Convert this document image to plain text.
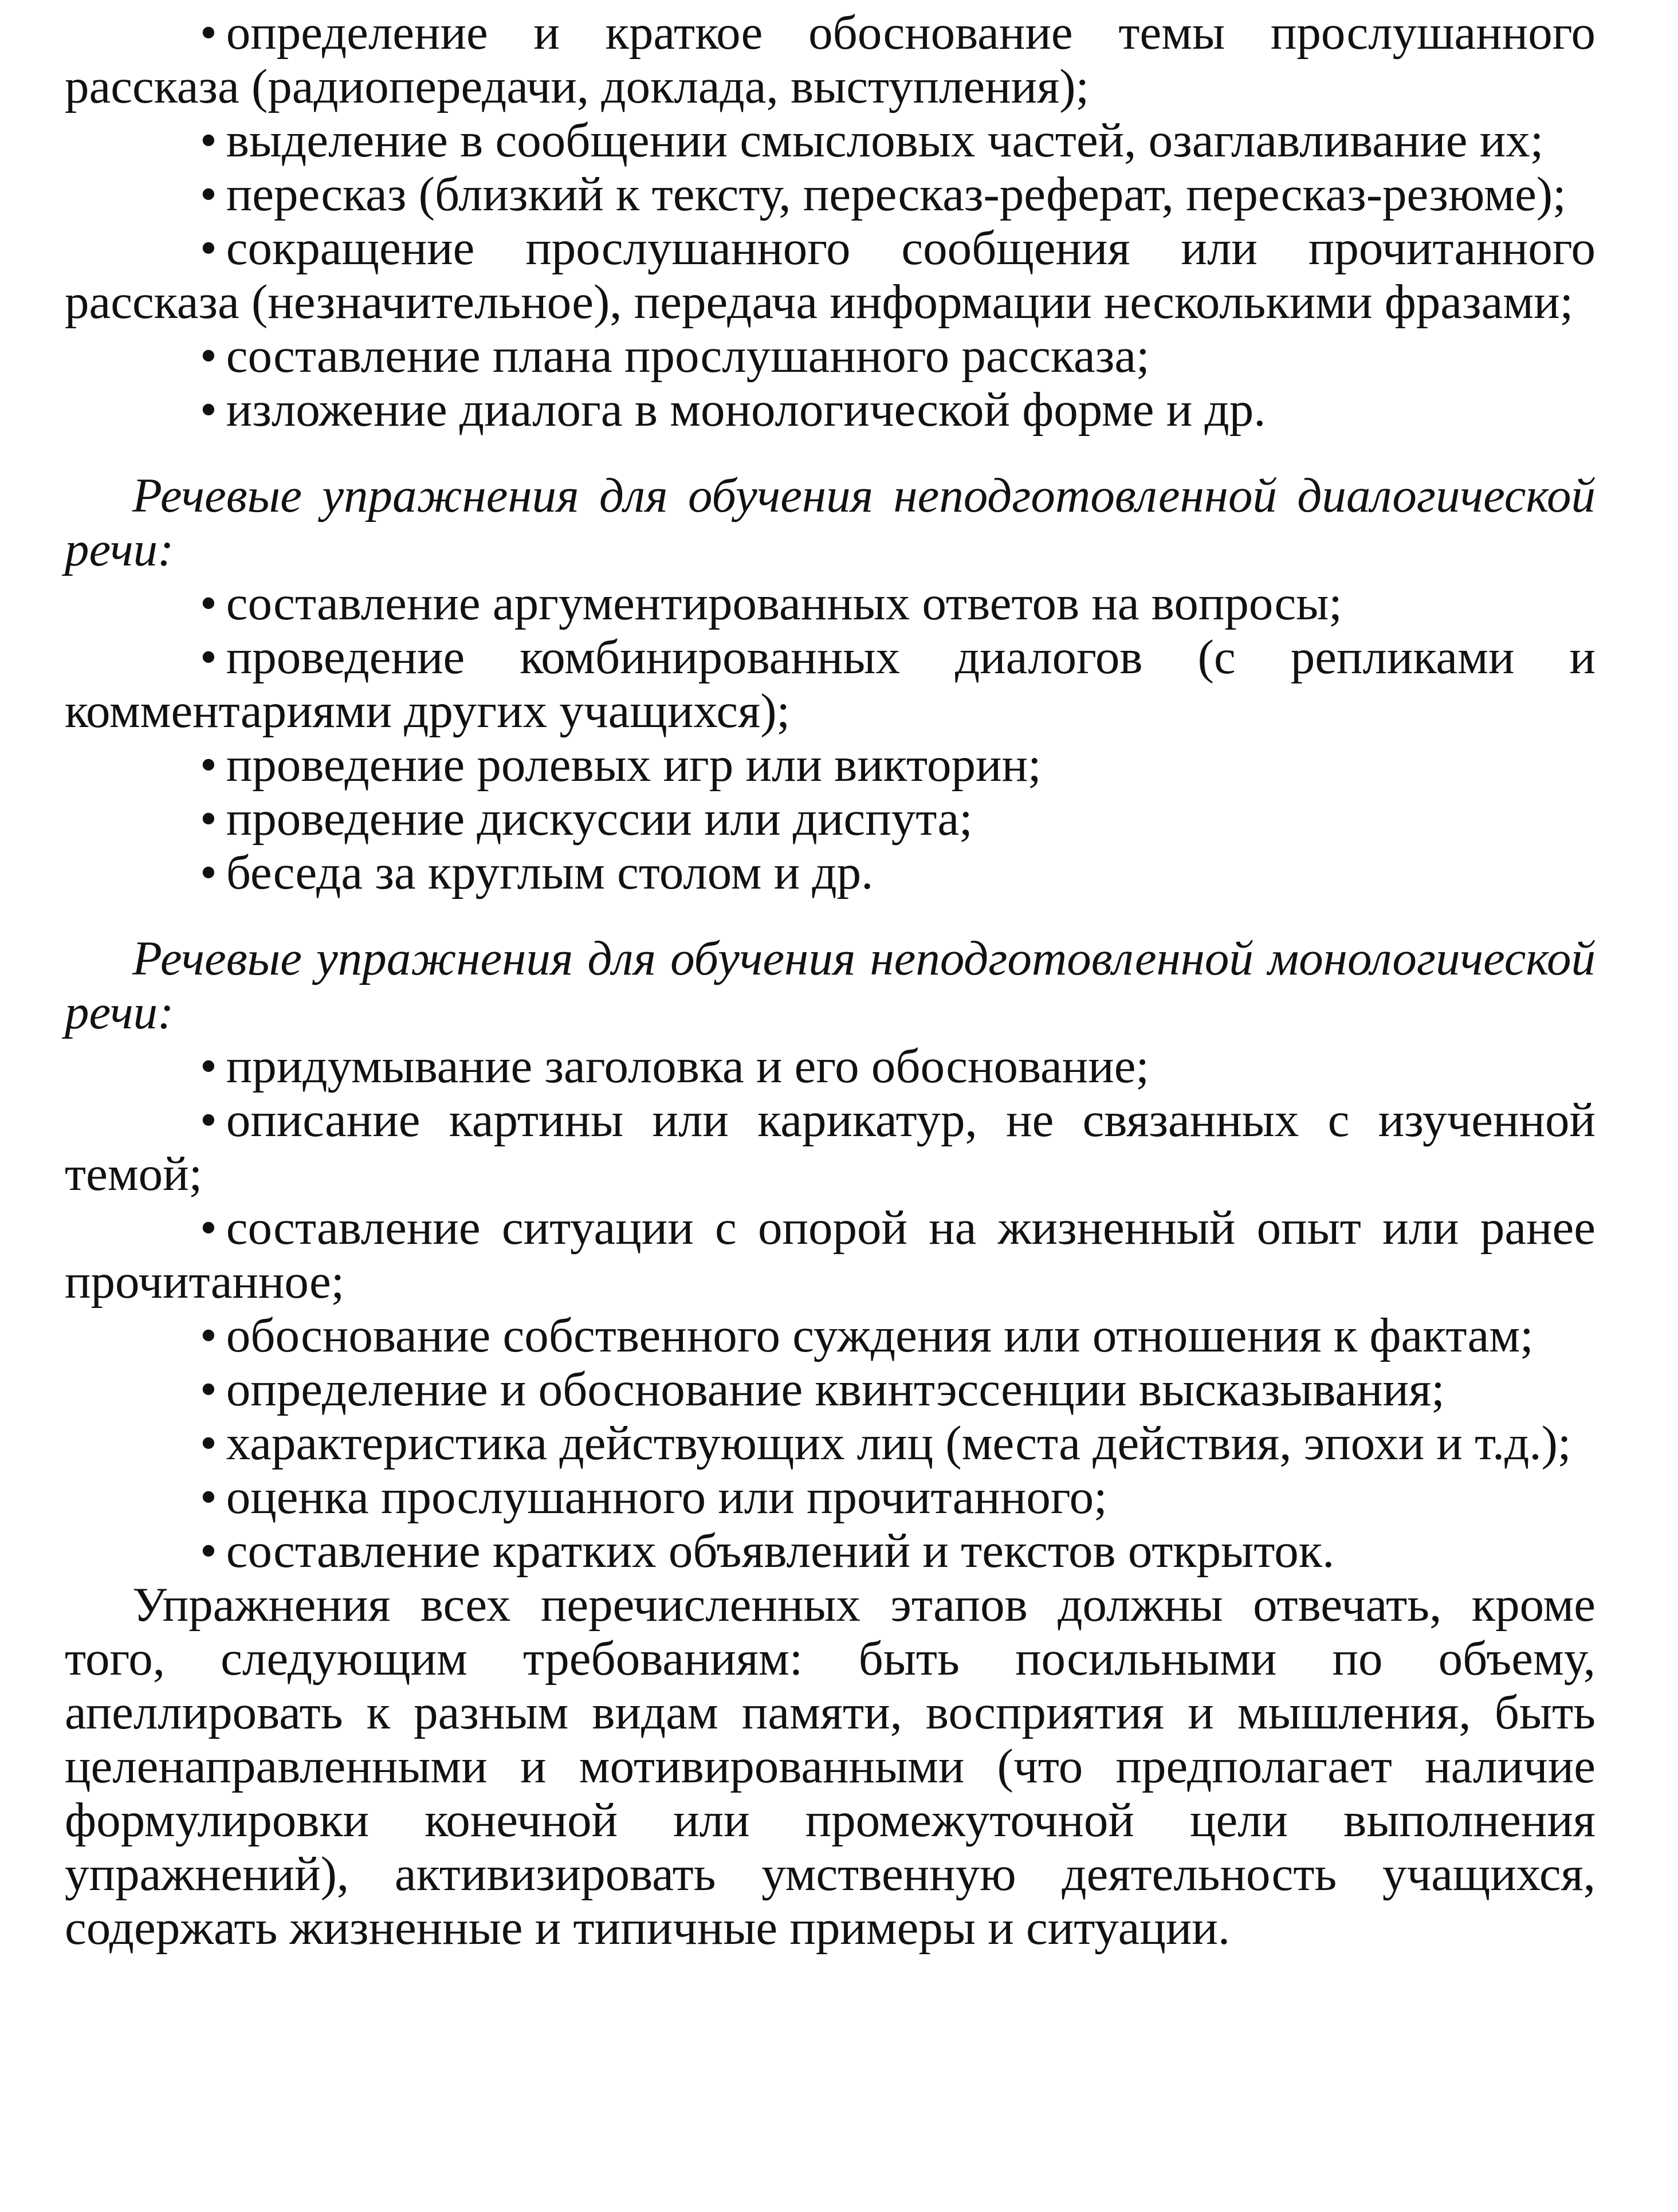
• определение и краткое обоснование темы прослушанного рассказа (радиопередачи, доклада, выступления);

• выделение в сообщении смысловых частей, озаглавливание их;

• пересказ (близкий к тексту, пересказ-реферат, пересказ-резюме);

• сокращение прослушанного сообщения или прочитанного рассказа (незначительное), передача информации несколькими фразами;

• составление плана прослушанного рассказа;

• изложение диалога в монологической форме и др.

Речевые упражнения для обучения неподготовленной диалогической речи:

• составление аргументированных ответов на вопросы;

• проведение комбинированных диалогов (с репликами и комментариями других учащихся);

• проведение ролевых игр или викторин;

• проведение дискуссии или диспута;

• беседа за круглым столом и др.

Речевые упражнения для обучения неподготовленной монологической речи:

• придумывание заголовка и его обоснование;

• описание картины или карикатур, не связанных с изученной темой;

• составление ситуации с опорой на жизненный опыт или ранее прочитанное;

• обоснование собственного суждения или отношения к фактам;

• определение и обоснование квинтэссенции высказывания;

• характеристика действующих лиц (места действия, эпохи и т.д.);

• оценка прослушанного или прочитанного;

• составление кратких объявлений и текстов открыток.

Упражнения всех перечисленных этапов должны отвечать, кроме того, следующим требованиям: быть посильными по объему, апеллировать к разным видам памяти, восприятия и мышления, быть целенаправленными и мотивированными (что предполагает наличие формулировки конечной или промежуточной цели выполнения упражнений), активизировать умственную деятельность учащихся, содержать жизненные и типичные примеры и ситуации.
